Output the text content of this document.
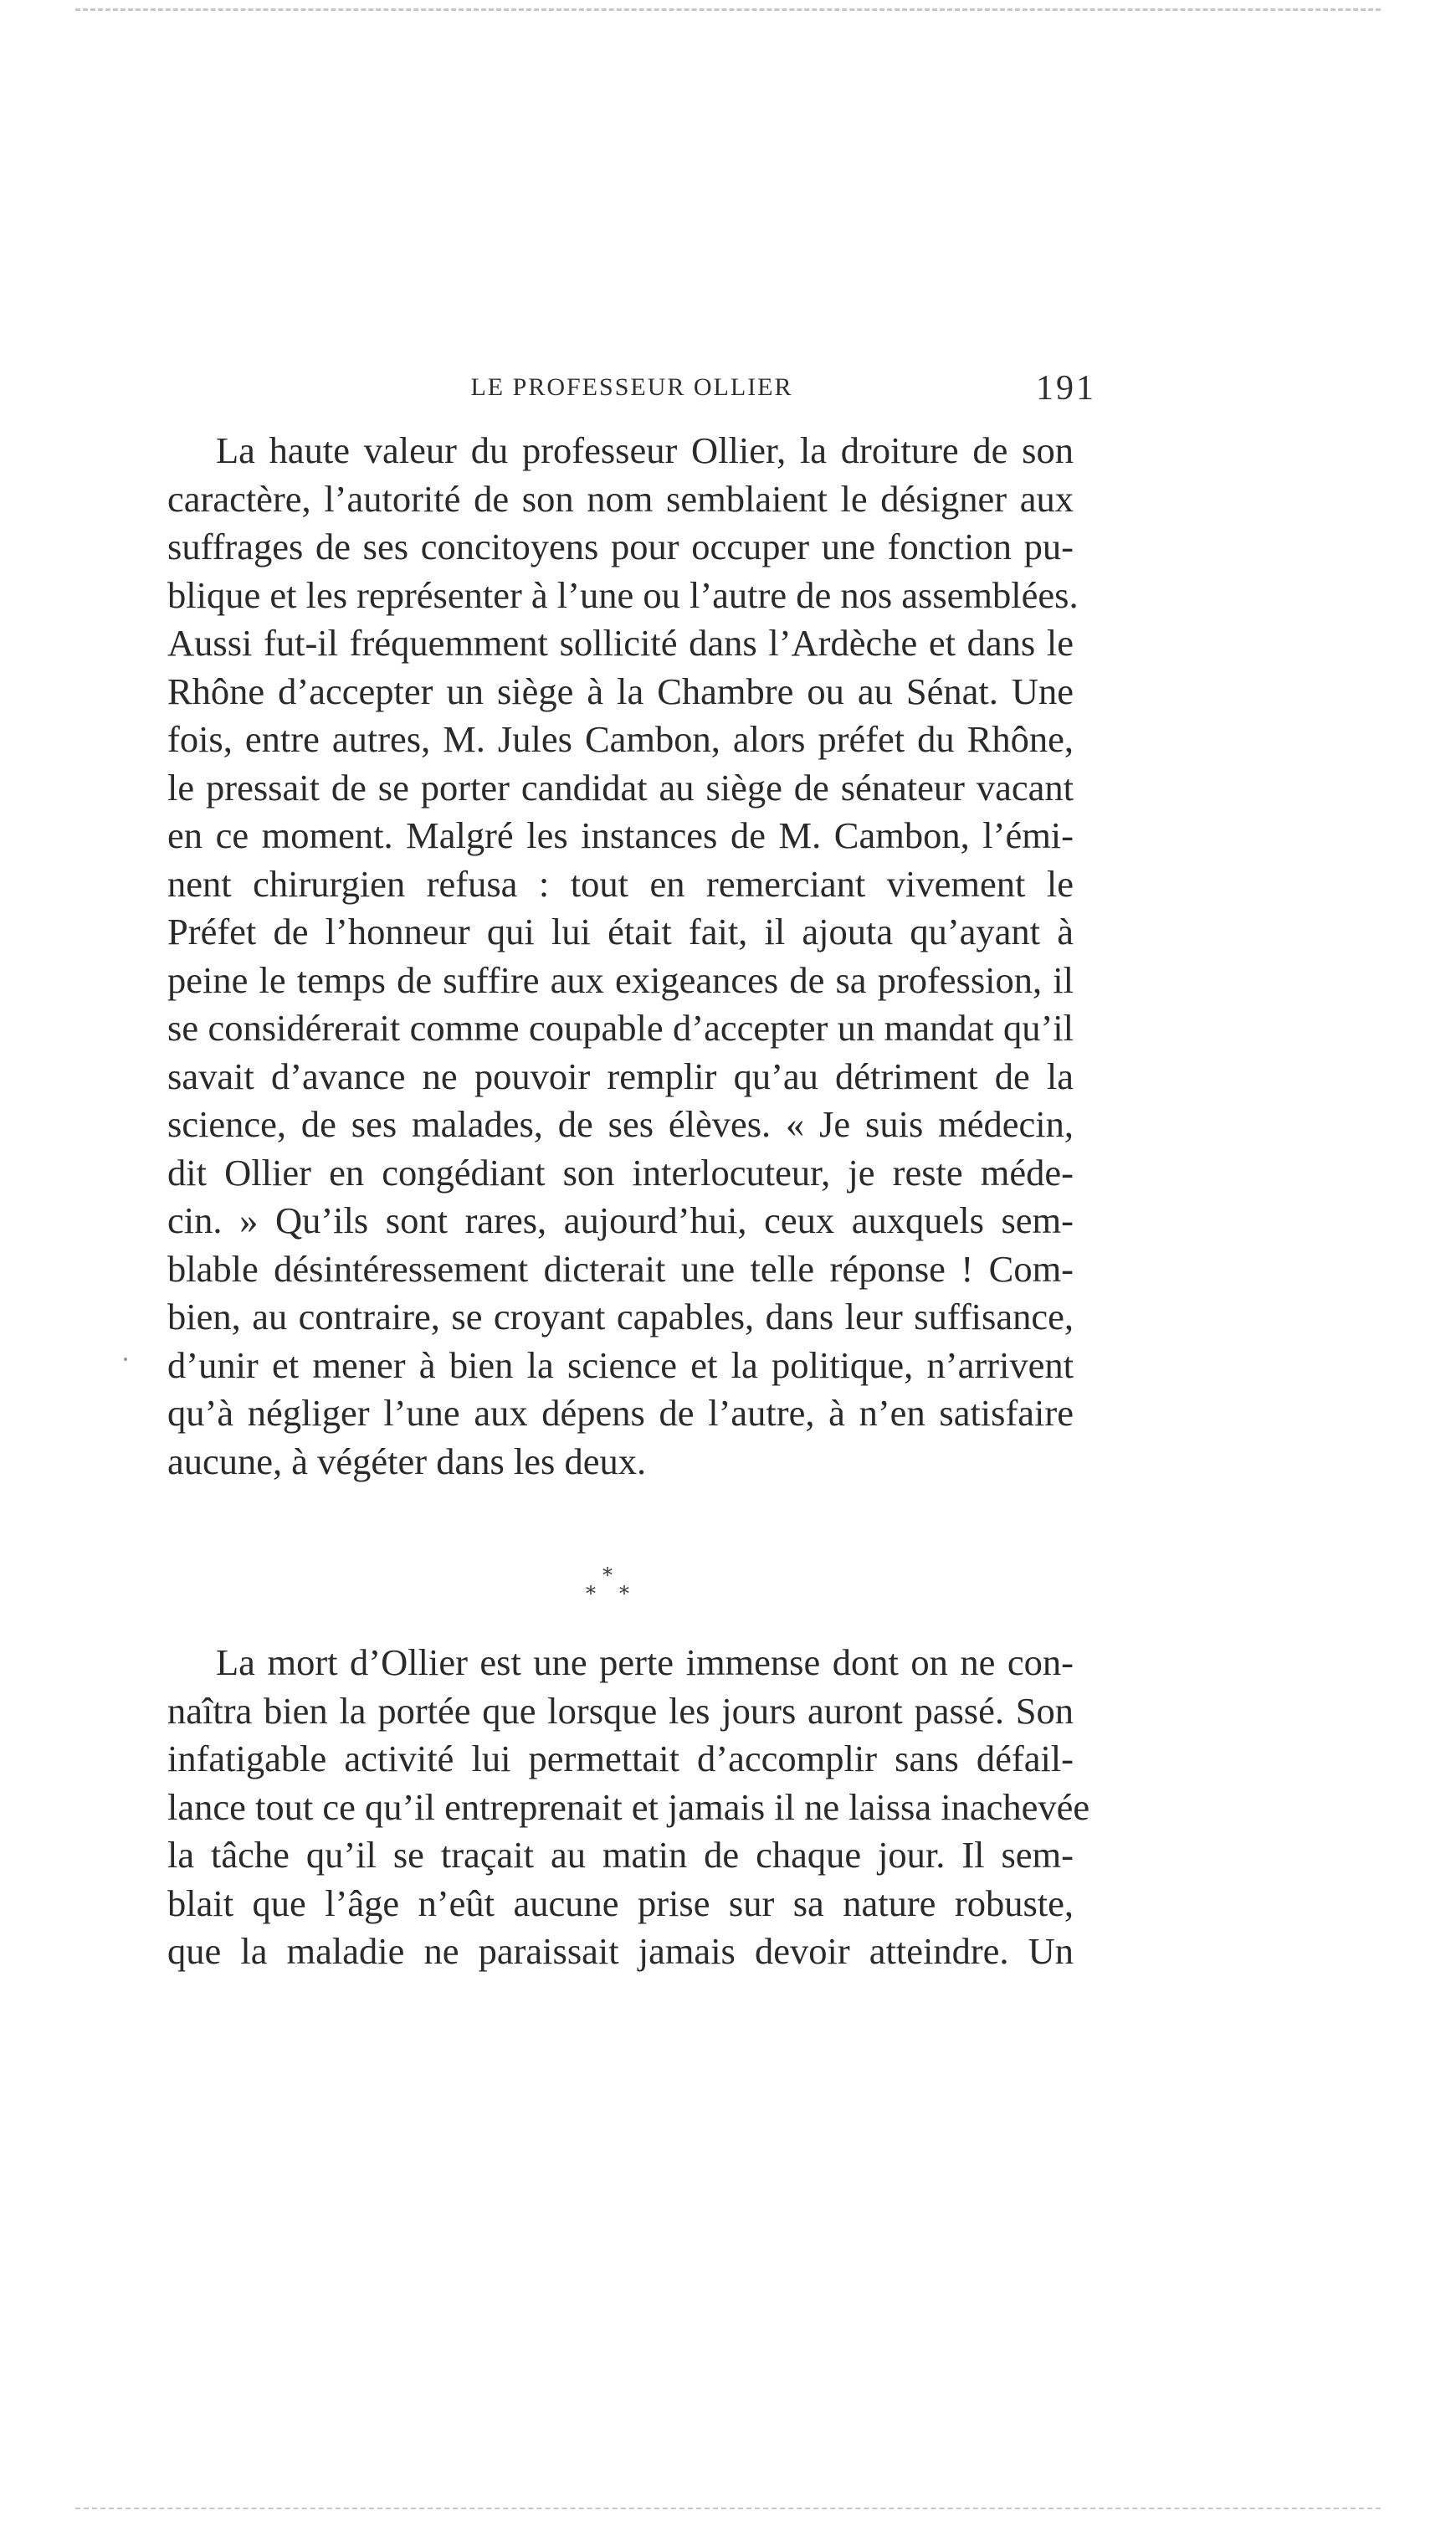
LE PROFESSEUR OLLIER	191

La haute valeur du professeur Ollier, la droiture de son
caractère, l’autorité de son nom semblaient le désigner aux
suffrages de ses concitoyens pour occuper une fonction pu-
blique et les représenter à l’une ou l’autre de nos assemblées.
Aussi fut-il fréquemment sollicité dans l’Ardèche et dans le
Rhône d’accepter un siège à la Chambre ou au Sénat. Une
fois, entre autres, M. Jules Cambon, alors préfet du Rhône,
le pressait de se porter candidat au siège de sénateur vacant
en ce moment. Malgré les instances de M. Cambon, l’émi-
nent chirurgien refusa : tout en remerciant vivement le
Préfet de l’honneur qui lui était fait, il ajouta qu’ayant à
peine le temps de suffire aux exigeances de sa profession, il
se considérerait comme coupable d’accepter un mandat qu’il
savait d’avance ne pouvoir remplir qu’au détriment de la
science, de ses malades, de ses élèves. « Je suis médecin,
dit Ollier en congédiant son interlocuteur, je reste méde-
cin. » Qu’ils sont rares, aujourd’hui, ceux auxquels sem-
blable désintéressement dicterait une telle réponse ! Com-
bien, au contraire, se croyant capables, dans leur suffisance,
d’unir et mener à bien la science et la politique, n’arrivent
qu’à négliger l’une aux dépens de l’autre, à n’en satisfaire
aucune, à végéter dans les deux.

*
* *

La mort d’Ollier est une perte immense dont on ne con-
naîtra bien la portée que lorsque les jours auront passé. Son
infatigable activité lui permettait d’accomplir sans défail-
lance tout ce qu’il entreprenait et jamais il ne laissa inachevée
la tâche qu’il se traçait au matin de chaque jour. Il sem-
blait que l’âge n’eût aucune prise sur sa nature robuste,
que la maladie ne paraissait jamais devoir atteindre. Un
